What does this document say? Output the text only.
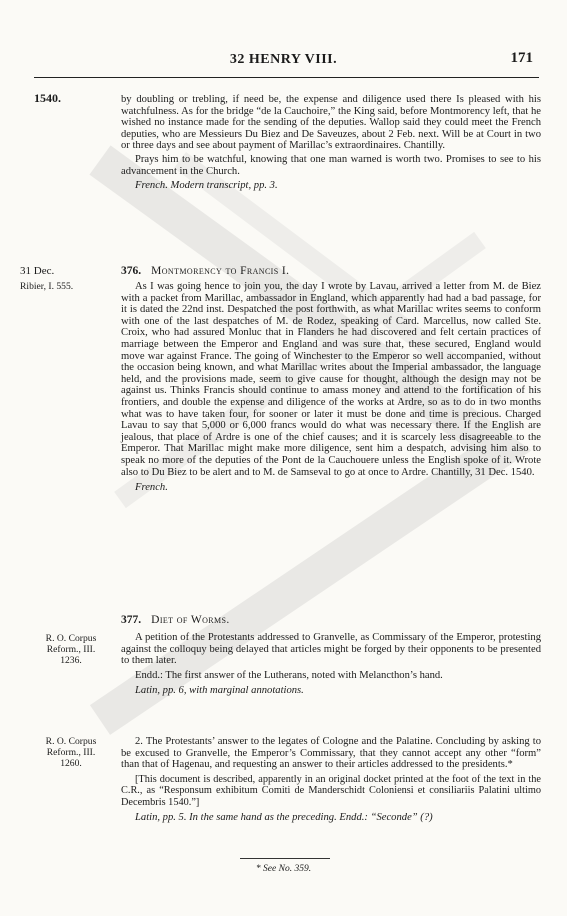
32 HENRY VIII.	171
1540.	by doubling or trebling, if need be, the expense and diligence used there Is pleased with his watchfulness. As for the bridge “de la Cauchoire,” the King said, before Montmorency left, that he wished no instance made for the sending of the deputies. Wallop said they could meet the French deputies, who are Messieurs Du Biez and De Saveuzes, about 2 Feb. next. Will be at Court in two or three days and see about payment of Marillac’s extraordinaires. Chantilly.

Prays him to be watchful, knowing that one man warned is worth two. Promises to see to his advancement in the Church.

French. Modern transcript, pp. 3.

31 Dec.
Ribier, I. 555.
376. Montmorency to Francis I.

As I was going hence to join you, the day I wrote by Lavau, arrived a letter from M. de Biez with a packet from Marillac, ambassador in England, which apparently had had a bad passage, for it is dated the 22nd inst. Despatched the post forthwith, as what Marillac writes seems to conform with one of the last despatches of M. de Rodez, speaking of Card. Marcellus, now called Ste. Croix, who had assured Monluc that in Flanders he had discovered and felt certain practices of marriage between the Emperor and England and was sure that, these secured, England would move war against France. The going of Winchester to the Emperor so well accompanied, without the occasion being known, and what Marillac writes about the Imperial ambassador, the language held, and the provisions made, seem to give cause for thought, although the design may not be against us. Thinks Francis should continue to amass money and attend to the fortification of his frontiers, and double the expense and diligence of the works at Ardre, so as to do in two months what was to have taken four, for sooner or later it must be done and time is precious. Charged Lavau to say that 5,000 or 6,000 francs would do what was necessary there. If the English are jealous, that place of Ardre is one of the chief causes; and it is scarcely less disagreeable to the Emperor. That Marillac might make more diligence, sent him a despatch, advising him also to speak no more of the deputies of the Pont de la Cauchouere unless the English spoke of it. Wrote also to Du Biez to be alert and to M. de Samseval to go at once to Ardre. Chantilly, 31 Dec. 1540.

French.

377. Diet of Worms.
R. O. Corpus Reform., III. 1236.

A petition of the Protestants addressed to Granvelle, as Commissary of the Emperor, protesting against the colloquy being delayed that articles might be forged by their opponents to be presented to them later.

Endd.: The first answer of the Lutherans, noted with Melancthon’s hand.

Latin, pp. 6, with marginal annotations.

R. O. Corpus Reform., III. 1260.

2. The Protestants’ answer to the legates of Cologne and the Palatine. Concluding by asking to be excused to Granvelle, the Emperor’s Commissary, that they cannot accept any other “form” than that of Hagenau, and requesting an answer to their articles addressed to the presidents.*

[This document is described, apparently in an original docket printed at the foot of the text in the C.R., as “Responsum exhibitum Comiti de Manderschidt Coloniensi et consiliariis Palatini ultimo Decembris 1540.”]

Latin, pp. 5. In the same hand as the preceding. Endd.: “Seconde” (?)

* See No. 359.
